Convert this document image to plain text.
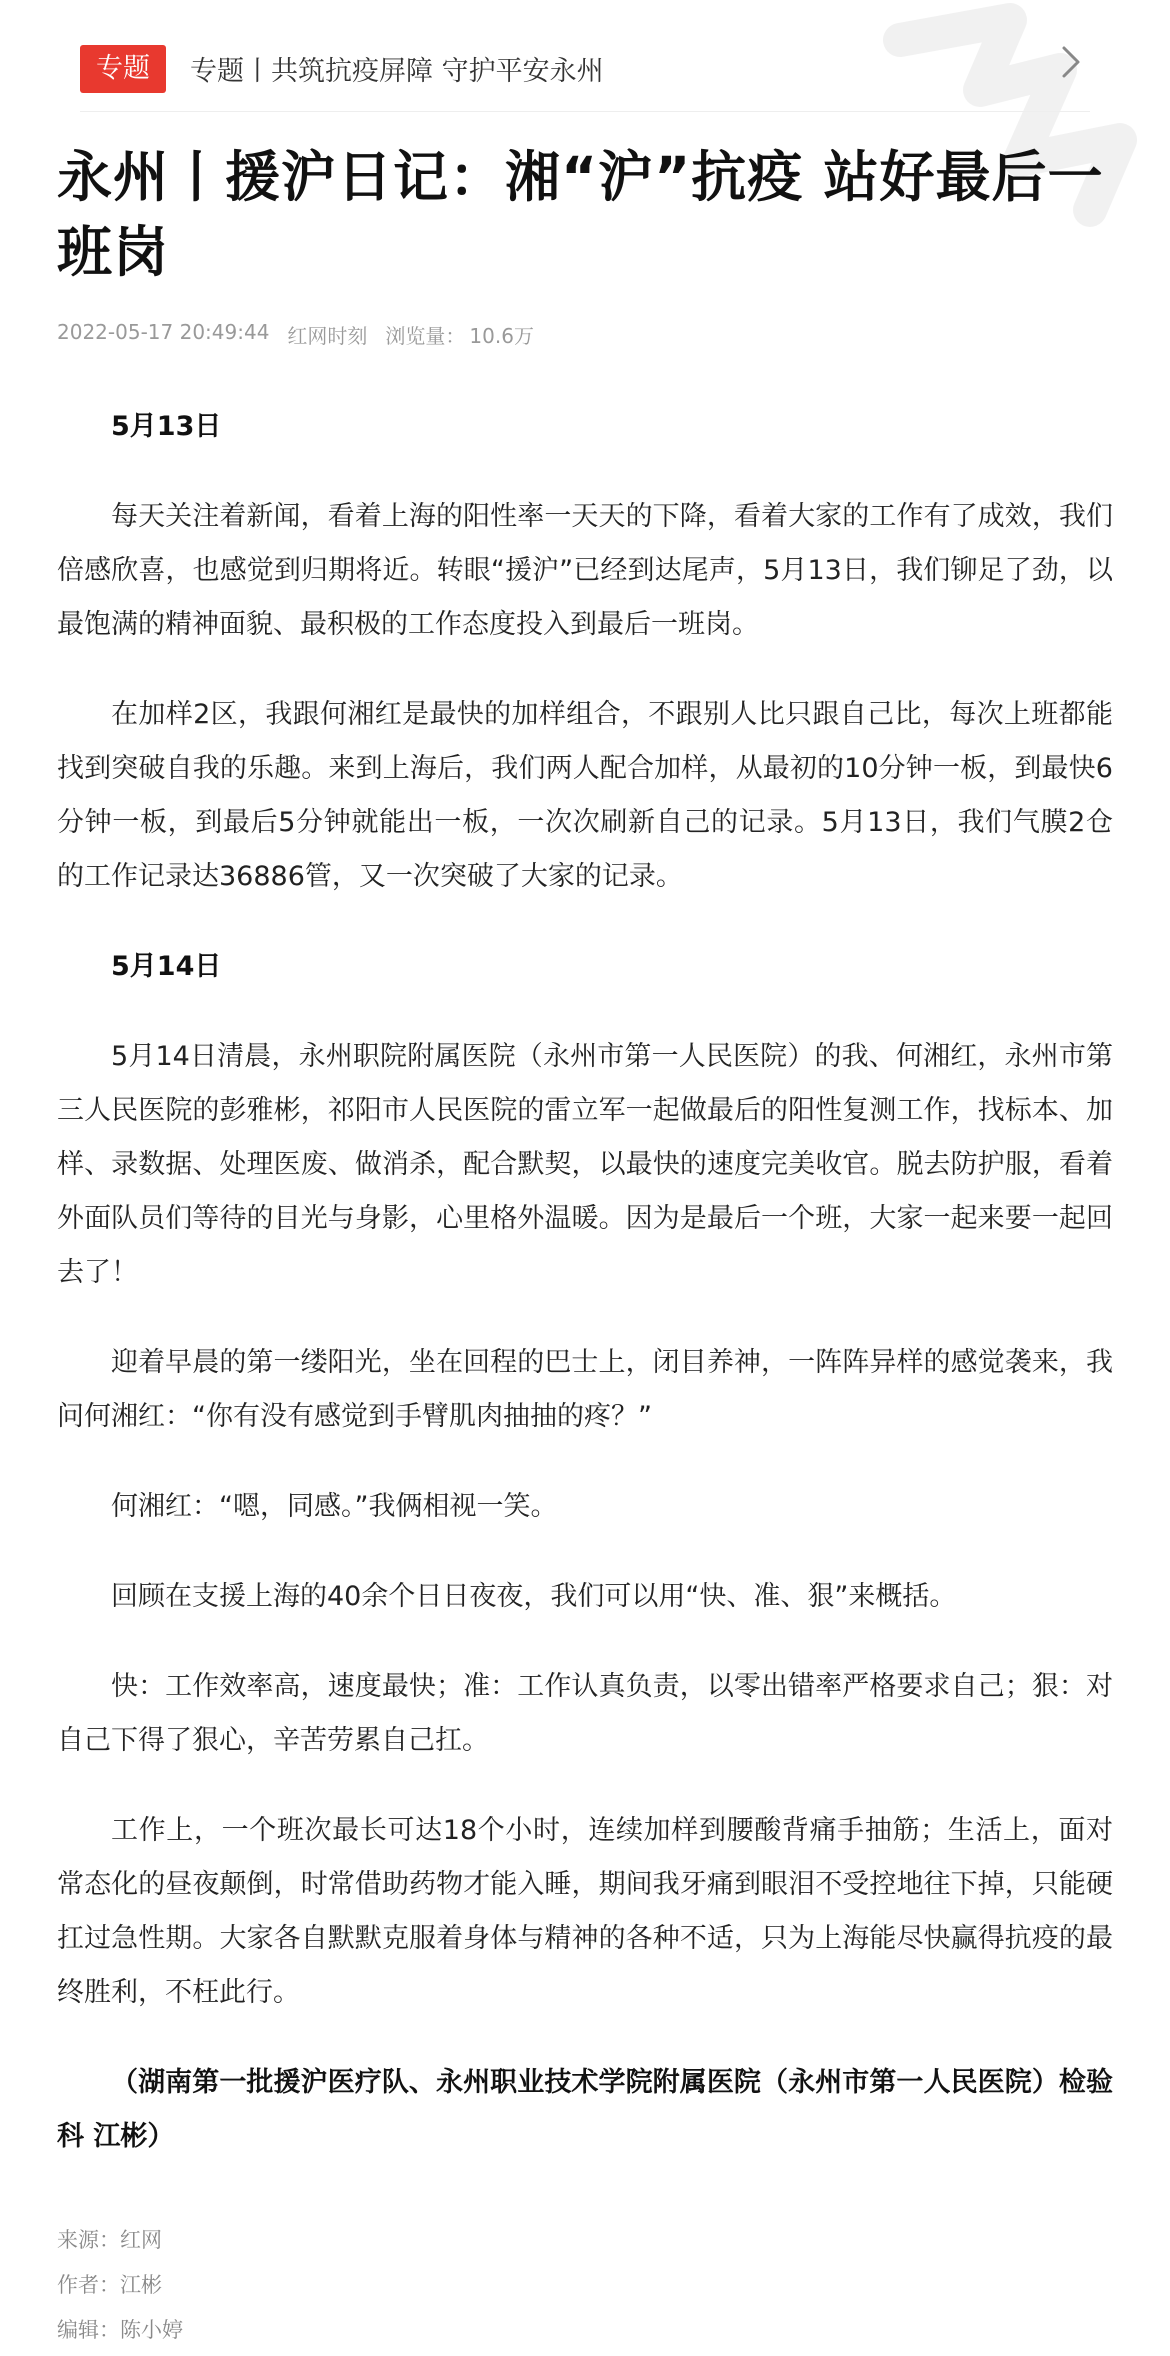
专题	专题丨共筑抗疫屏障 守护平安永州
永州丨援沪日记：湘“沪”抗疫 站好最后一班岗
2022-05-17 20:49:44 红网时刻 浏览量： 10.6万
5月13日

每天关注着新闻，看着上海的阳性率一天天的下降，看着大家的工作有了成效，我们倍感欣喜，也感觉到归期将近。转眼“援沪”已经到达尾声，5月13日，我们铆足了劲，以最饱满的精神面貌、最积极的工作态度投入到最后一班岗。

在加样2区，我跟何湘红是最快的加样组合，不跟别人比只跟自己比，每次上班都能找到突破自我的乐趣。来到上海后，我们两人配合加样，从最初的10分钟一板，到最快6分钟一板，到最后5分钟就能出一板，一次次刷新自己的记录。5月13日，我们气膜2仓的工作记录达36886管，又一次突破了大家的记录。

5月14日

5月14日清晨，永州职院附属医院（永州市第一人民医院）的我、何湘红，永州市第三人民医院的彭雅彬，祁阳市人民医院的雷立军一起做最后的阳性复测工作，找标本、加样、录数据、处理医废、做消杀，配合默契，以最快的速度完美收官。脱去防护服，看着外面队员们等待的目光与身影，心里格外温暖。因为是最后一个班，大家一起来要一起回去了！

迎着早晨的第一缕阳光，坐在回程的巴士上，闭目养神，一阵阵异样的感觉袭来，我问何湘红：“你有没有感觉到手臂肌肉抽抽的疼？”

何湘红：“嗯，同感。”我俩相视一笑。

回顾在支援上海的40余个日日夜夜，我们可以用“快、准、狠”来概括。

快：工作效率高，速度最快；准：工作认真负责，以零出错率严格要求自己；狠：对自己下得了狠心，辛苦劳累自己扛。

工作上，一个班次最长可达18个小时，连续加样到腰酸背痛手抽筋；生活上，面对常态化的昼夜颠倒，时常借助药物才能入睡，期间我牙痛到眼泪不受控地往下掉，只能硬扛过急性期。大家各自默默克服着身体与精神的各种不适，只为上海能尽快赢得抗疫的最终胜利，不枉此行。

（湖南第一批援沪医疗队、永州职业技术学院附属医院（永州市第一人民医院）检验科 江彬）
来源：红网
作者：江彬
编辑：陈小婷
